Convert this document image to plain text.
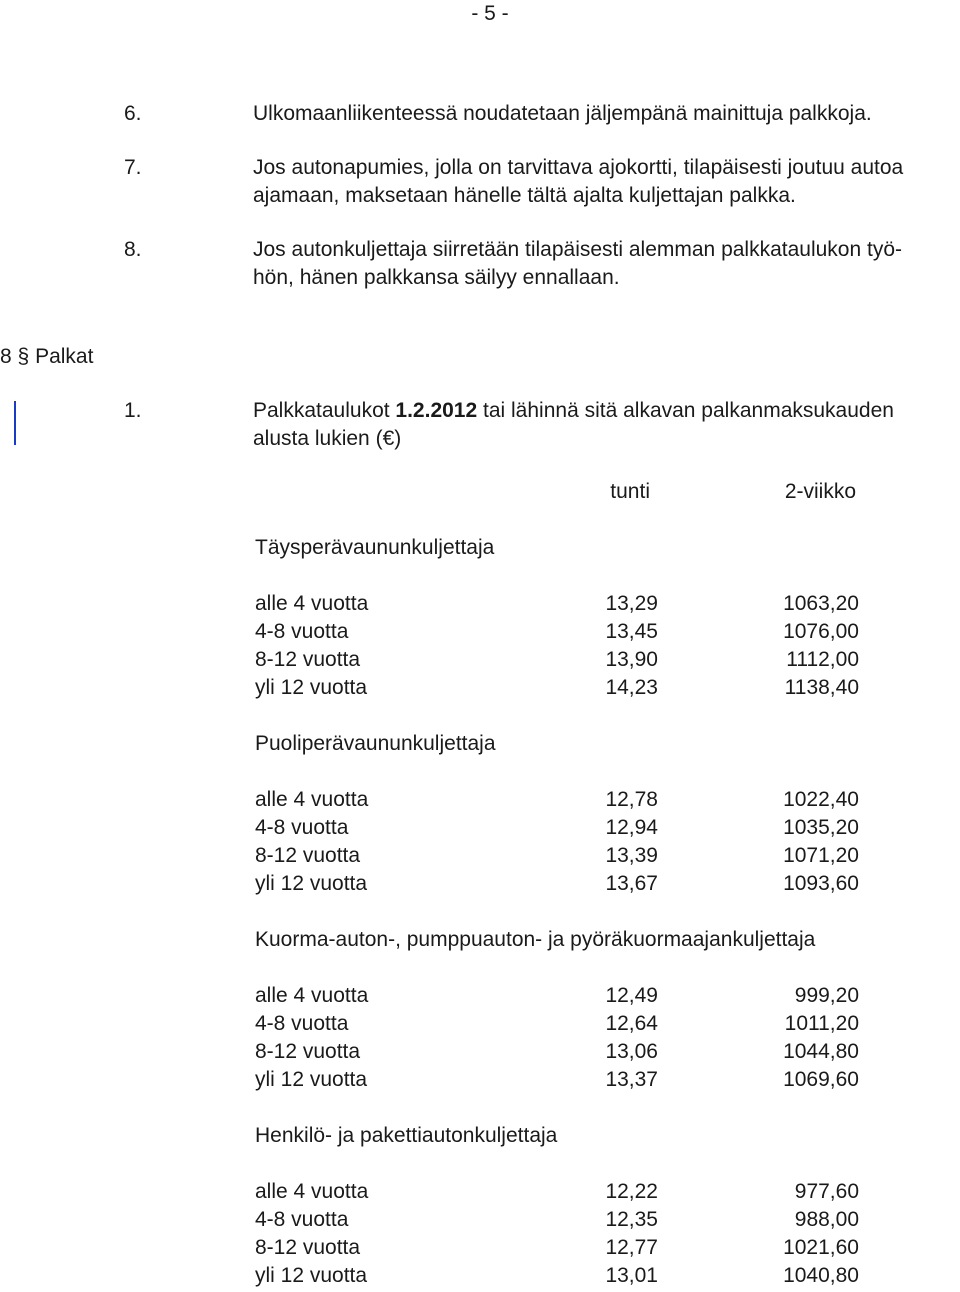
- 5 -
6.	Ulkomaanliikenteessä noudatetaan jäljempänä mainittuja palkkoja.
7.	Jos autonapumies, jolla on tarvittava ajokortti, tilapäisesti joutuu autoa
ajamaan, maksetaan hänelle tältä ajalta kuljettajan palkka.
8.	Jos autonkuljettaja siirretään tilapäisesti alemman palkkataulukon työ-
hön, hänen palkkansa säilyy ennallaan.
8 § Palkat
1.	Palkkataulukot 1.2.2012 tai lähinnä sitä alkavan palkanmaksukauden
alusta lukien (€)
tunti	2-viikko
Täysperävaununkuljettaja
alle 4 vuotta	13,29	1063,20
4-8 vuotta	13,45	1076,00
8-12 vuotta	13,90	1112,00
yli 12 vuotta	14,23	1138,40
Puoliperävaununkuljettaja
alle 4 vuotta	12,78	1022,40
4-8 vuotta	12,94	1035,20
8-12 vuotta	13,39	1071,20
yli 12 vuotta	13,67	1093,60
Kuorma-auton-, pumppuauton- ja pyöräkuormaajankuljettaja
alle 4 vuotta	12,49	999,20
4-8 vuotta	12,64	1011,20
8-12 vuotta	13,06	1044,80
yli 12 vuotta	13,37	1069,60
Henkilö- ja pakettiautonkuljettaja
alle 4 vuotta	12,22	977,60
4-8 vuotta	12,35	988,00
8-12 vuotta	12,77	1021,60
yli 12 vuotta	13,01	1040,80
